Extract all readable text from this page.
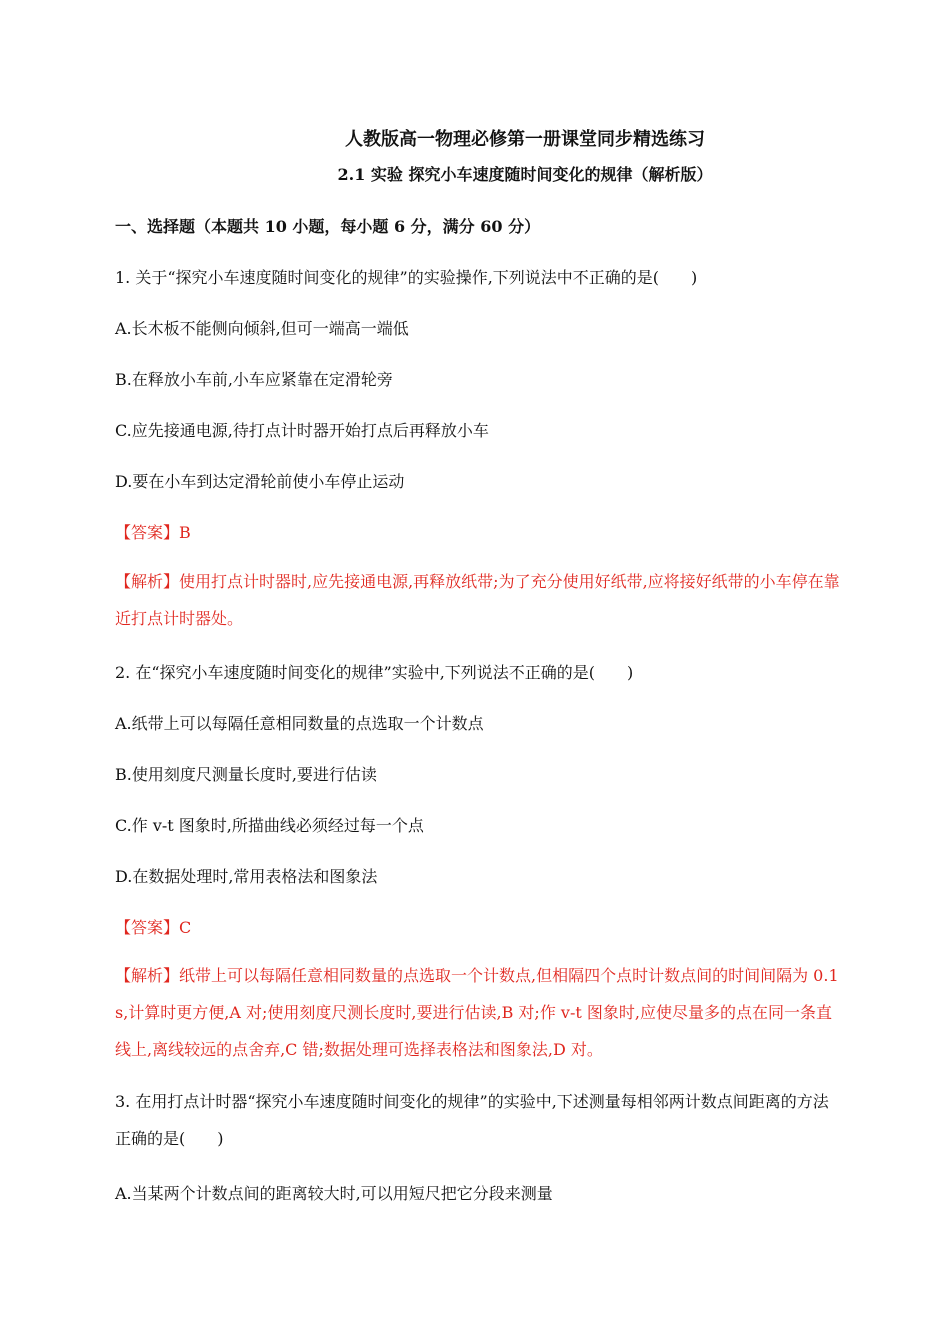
人教版高一物理必修第一册课堂同步精选练习
2.1 实验 探究小车速度随时间变化的规律（解析版）
一、选择题（本题共 10 小题，每小题 6 分，满分 60 分）
1. 关于“探究小车速度随时间变化的规律”的实验操作,下列说法中不正确的是(　　)
A.长木板不能侧向倾斜,但可一端高一端低
B.在释放小车前,小车应紧靠在定滑轮旁
C.应先接通电源,待打点计时器开始打点后再释放小车
D.要在小车到达定滑轮前使小车停止运动
【答案】B
【解析】使用打点计时器时,应先接通电源,再释放纸带;为了充分使用好纸带,应将接好纸带的小车停在靠近打点计时器处。
2. 在“探究小车速度随时间变化的规律”实验中,下列说法不正确的是(　　)
A.纸带上可以每隔任意相同数量的点选取一个计数点
B.使用刻度尺测量长度时,要进行估读
C.作 v-t 图象时,所描曲线必须经过每一个点
D.在数据处理时,常用表格法和图象法
【答案】C
【解析】纸带上可以每隔任意相同数量的点选取一个计数点,但相隔四个点时计数点间的时间间隔为 0.1 s,计算时更方便,A 对;使用刻度尺测长度时,要进行估读,B 对;作 v-t 图象时,应使尽量多的点在同一条直线上,离线较远的点舍弃,C 错;数据处理可选择表格法和图象法,D 对。
3. 在用打点计时器“探究小车速度随时间变化的规律”的实验中,下述测量每相邻两计数点间距离的方法正确的是(　　)
A.当某两个计数点间的距离较大时,可以用短尺把它分段来测量
